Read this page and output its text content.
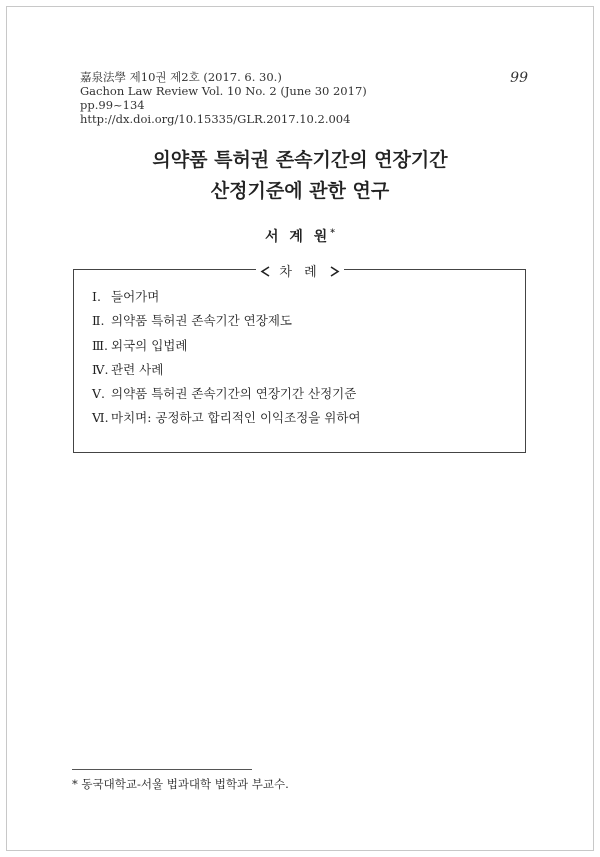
嘉泉法學 제10권 제2호 (2017. 6. 30.)
Gachon Law Review Vol. 10 No. 2 (June 30 2017)
pp.99~134
http://dx.doi.org/10.15335/GLR.2017.10.2.004
99
의약품 특허권 존속기간의 연장기간
산정기준에 관한 연구
서 계 원*
차 례
Ⅰ. 들어가며
Ⅱ. 의약품 특허권 존속기간 연장제도
Ⅲ. 외국의 입법례
Ⅳ. 관련 사례
Ⅴ. 의약품 특허권 존속기간의 연장기간 산정기준
Ⅵ. 마치며: 공정하고 합리적인 이익조정을 위하여
* 동국대학교-서울 법과대학 법학과 부교수.
